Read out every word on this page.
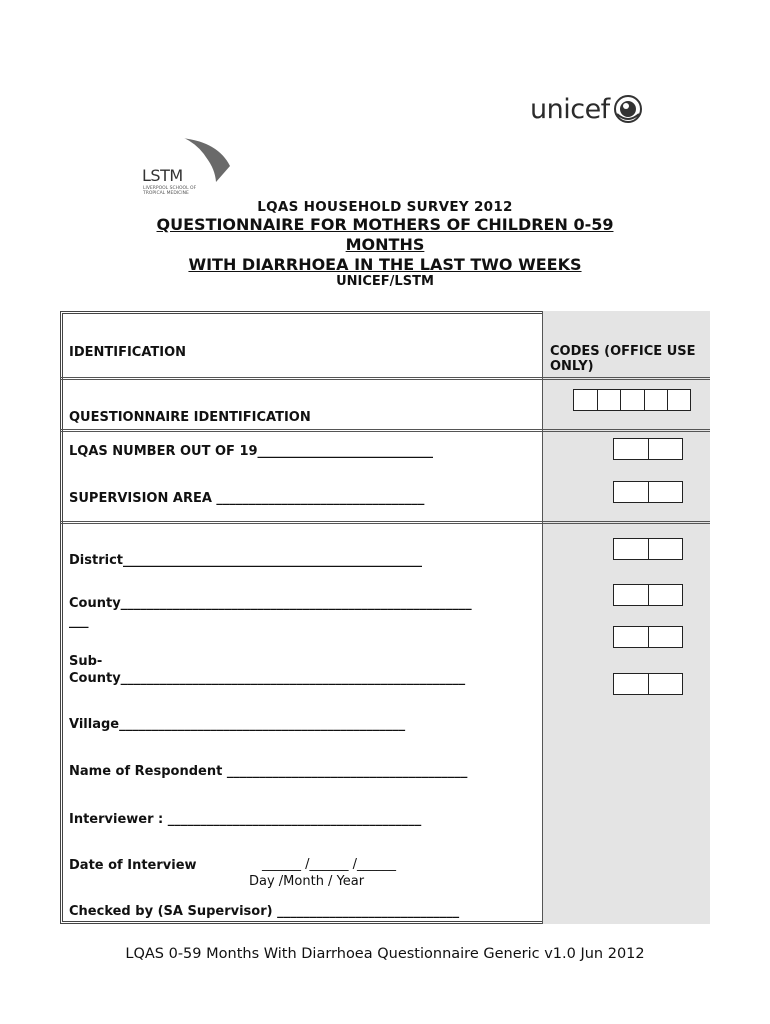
unicef
LSTM
LIVERPOOL SCHOOL OF TROPICAL MEDICINE
LQAS HOUSEHOLD SURVEY 2012
QUESTIONNAIRE FOR MOTHERS OF CHILDREN 0-59
MONTHS
WITH DIARRHOEA IN THE LAST TWO WEEKS
UNICEF/LSTM
IDENTIFICATION	CODES (OFFICE USE ONLY)
QUESTIONNAIRE IDENTIFICATION
LQAS NUMBER OUT OF 19___________________________
SUPERVISION AREA ________________________________
District______________________________________________
County______________________________________________________
___
Sub-
County_____________________________________________________
Village____________________________________________
Name of Respondent _____________________________________
Interviewer : _______________________________________
Date of Interview	______ /______ /______
Day /Month / Year
Checked by (SA Supervisor) ____________________________
LQAS 0-59 Months With Diarrhoea Questionnaire Generic v1.0 Jun 2012
